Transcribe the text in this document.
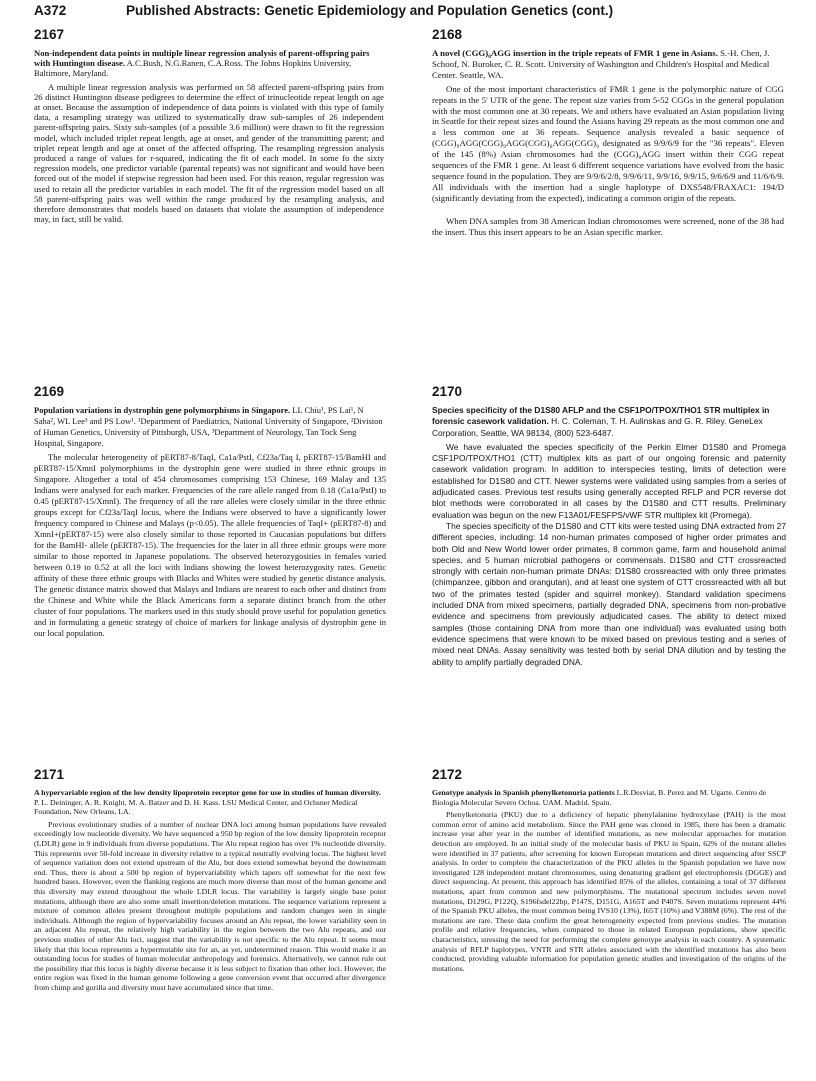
A372	Published Abstracts: Genetic Epidemiology and Population Genetics (cont.)
2167
Non-independent data points in multiple linear regression analysis of parent-offspring pairs with Huntington disease. A.C.Bush, N.G.Ranen, C.A.Ross. The Johns Hopkins University, Baltimore, Maryland.

A multiple linear regression analysis was performed on 58 affected parent-offspring pairs from 26 distinct Huntington disease pedigrees to determine the effect of trinucleotide repeat length on age at onset. Because the assumption of independence of data points is violated with this type of family data, a resampling strategy was utilized to systematically draw sub-samples of 26 independent parent-offspring pairs. Sixty sub-samples (of a possible 3.6 million) were drawn to fit the regression model, which included triplet repeat length, age at onset, and gender of the transmitting parent; and triplet repeat length and age at onset of the affected offspring. The resampling regression analysis produced a range of values for r-squared, indicating the fit of each model. In some fo the sixty regression models, one predictor variable (parental repeats) was not significant and would have been forced out of the model if stepwise regression had been used. For this reason, regular regression was used to retain all the predictor variables in each model. The fit of the regression model based on all 58 parent-offspring pairs was well within the range produced by the resampling analysis, and therefore demonstrates that models based on datasets that violate the assumption of independence may, in fact, still be valid.

2168
A novel (CGG)₈AGG insertion in the triple repeats of FMR 1 gene in Asians. S.-H. Chen, J. Schoof, N. Buroker, C. R. Scott. University of Washington and Children's Hospital and Medical Center. Seattle, WA.

One of the most important characteristics of FMR 1 gene is the polymorphic nature of CGG repeats in the 5' UTR of the gene. The repeat size varies from 5-52 CGGs in the general population with the most common one at 30 repeats. We and others have evaluated an Asian population living in Seattle for their repeat sizes and found the Asians having 29 repeats as the most common one and a less common one at 36 repeats. Sequence analysis revealed a basic sequence of (CGG)₉AGG(CGG)₉AGG(CGG)₆AGG(CGG)₉ designated as 9/9/6/9 for the "36 repeats". Eleven of the 145 (8%) Asian chromosomes had the (CGG)₈AGG insert within their CGG repeat sequences of the FMR 1 gene. At least 6 different sequence variations have evolved from the basic sequence found in the population. They are 9/9/6/2/8, 9/9/6/11, 9/9/16, 9/9/15, 9/6/6/9 and 11/6/6/9. All individuals with the insertion had a single haplotype of DXS548/FRAXAC1: 194/D (significantly deviating from the expected), indicating a common origin of the repeats.

When DNA samples from 38 American Indian chromosomes were screened, none of the 38 had the insert. Thus this insert appears to be an Asian specific marker.

2169
Population variations in dystrophin gene polymorphisms in Singapore. LL Chiu¹, PS Lai¹, N Saha², WL Lee³ and PS Low¹. ¹Department of Paediatrics, National University of Singapore, ²Division of Human Genetics, University of Pittsburgh, USA, ³Department of Neurology, Tan Tock Seng Hospital, Singapore.

The molecular heterogeneity of pERT87-8/TaqI, Ca1a/PstI, Cf23a/Taq I, pERT87-15/BamHI and pERT87-15/XmnI polymorphisms in the dystrophin gene were studied in three ethnic groups in Singapore. Altogether a total of 454 chromosomes comprising 153 Chinese, 169 Malay and 135 Indians were analysed for each marker. Frequencies of the rare allele ranged from 0.18 (Ca1a/PstI) to 0.45 (pERT87-15/XmnI). The frequency of all the rare alleles were closely similar in the three ethnic groups except for Cf23a/TaqI locus, where the Indians were observed to have a significantly lower frequency compared to Chinese and Malays (p<0.05). The allele frequencies of TaqI+ (pERT87-8) and XmnI+(pERT87-15) were also closely similar to those reported in Caucasian populations but differs for the BamHI- allele (pERT87-15). The frequencies for the later in all three ethnic groups were more similar to those reported in Japanese populations. The observed heterozygosities in females varied between 0.19 to 0.52 at all the loci with Indians showing the lowest heterozygosity rates. Genetic affinity of these three ethnic groups with Blacks and Whites were studied by genetic distance analysis. The genetic distance matrix showed that Malays and Indians are nearest to each other and distinct from the Chinese and White while the Black Americans form a separate distinct branch from the other cluster of four populations. The markers used in this study should prove useful for population genetics and in formulating a genetic strategy of choice of markers for linkage analysis of dystrophin gene in our local population.

2170
Species specificity of the D1S80 AFLP and the CSF1PO/TPOX/THO1 STR multiplex in forensic casework validation. H. C. Coleman, T. H. Aulinskas and G. R. Riley. GeneLex Corporation, Seattle, WA 98134, (800) 523-6487.

We have evaluated the species specificity of the Perkin Elmer D1S80 and Promega CSF1PO/TPOX/THO1 (CTT) multiplex kits as part of our ongoing forensic and paternity casework validation program. In addition to interspecies testing, limits of detection were established for D1S80 and CTT. Newer systems were validated using samples from a series of adjudicated cases. Previous test results using generally accepted RFLP and PCR reverse dot blot methods were corroborated in all cases by the D1S80 and CTT results. Preliminary evaluation was begun on the new F13A01/FESFPS/vWF STR multiplex kit (Promega).

The species specificity of the D1S80 and CTT kits were tested using DNA extracted from 27 different species, including: 14 non-human primates composed of higher order primates and both Old and New World lower order primates, 8 common game, farm and household animal species, and 5 human microbial pathogens or commensals. D1S80 and CTT crossreacted strongly with certain non-human primate DNAs: D1S80 crossreacted with only three primates (chimpanzee, gibbon and orangutan), and at least one system of CTT crossreacted with all but two of the primates tested (spider and squirrel monkey). Standard validation specimens included DNA from mixed specimens, partially degraded DNA, specimens from non-probative evidence and specimens from previously adjudicated cases. The ability to detect mixed samples (those containing DNA from more than one individual) was evaluated using both evidence specimens that were known to be mixed based on previous testing and a series of mixed neat DNAs. Assay sensitivity was tested both by serial DNA dilution and by testing the ability to amplify partially degraded DNA.

2171
A hypervariable region of the low density lipoprotein receptor gene for use in studies of human diversity. P. L. Deininger, A. R. Knight, M. A. Batzer and D. H. Kass. LSU Medical Center, and Ochsner Medical Foundation, New Orleans, LA.

Previous evolutionary studies of a number of nuclear DNA loci among human populations have revealed exceedingly low nucleotide diversity. We have sequenced a 950 bp region of the low density lipoprotein receptor (LDLR) gene in 9 individuals from diverse populations. The Alu repeat region has over 1% nucleotide diversity. This represents over 50-fold increase in diversity relative to a typical neutrally evolving locus. The highest level of sequence variation does not extend upstream of the Alu, but does extend somewhat beyond the downstream end. Thus, there is about a 500 bp region of hypervariability which tapers off somewhat for the next few hundred bases. However, even the flanking regions are much more diverse than most of the human genome and this diversity may extend throughout the whole LDLR locus. The variability is largely single base point mutations, although there are also some small insertion/deletion mutations. The sequence variations represent a mixture of common alleles present throughout multiple populations and random changes seen in single individuals. Although the region of hypervariability focuses around an Alu repeat, the lower variability seen in an adjacent Alu repeat, the relatively high variability in the region between the two Alu repeats, and our previous studies of other Alu loci, suggest that the variability is not specific to the Alu repeat. It seems most likely that this locus represents a hypermutable site for an, as yet, undetermined reason. This would make it an outstanding locus for studies of human molecular anthropology and forensics. Alternatively, we cannot rule out the possibility that this locus is highly diverse because it is less subject to fixation than other loci. However, the entire region was fixed in the human genome following a gene conversion event that occurred after divergence from chimp and gorilla and diversity must have accumulated since that time.

2172
Genotype analysis in Spanish phenylketonuria patients L.R.Desviat, B. Perez and M. Ugarte. Centro de Biologia Molecular Severo Ochoa. UAM. Madrid. Spain.

Phenylketonuria (PKU) due to a deficiency of hepatic phenylalanine hydroxylase (PAH) is the most common error of amino acid metabolism. Since the PAH gene was cloned in 1985, there has been a dramatic increase year after year in the number of identified mutations, as new molecular approaches for mutation detection are employed. In an initial study of the molecular basis of PKU in Spain, 62% of the mutant alleles were identified in 37 patients, after screening for known European mutations and direct sequencing after SSCP analysis. In order to complete the characterization of the PKU alleles in the Spanish population we have now investigated 128 independent mutant chromosomes, using denaturing gradient gel electrophoresis (DGGE) and direct sequencing. At present, this approach has identified 85% of the alleles, containing a total of 37 different mutations, apart from common and new polymorphisms. The mutational spectrum includes seven novel mutations, D129G, P122Q, S196fsdel22bp, P147S, D151G, A165T and P407S. Seven mutations represent 44% of the Spanish PKU alleles, the most common being IVS10 (13%), I65T (10%) and V388M (6%). The rest of the mutations are rare. These data confirm the great heterogeneity expected from previous studies. The mutation profile and relative frequencies, when compared to those in related European populations, show specific characteristics, stressing the need for performing the complete genotype analysis in each country. A systematic analysis of RFLP haplotypes, VNTR and STR alleles associated with the identified mutations has also been conducted, providing valuable information for population genetic studies and investigation of the origins of the mutations.
